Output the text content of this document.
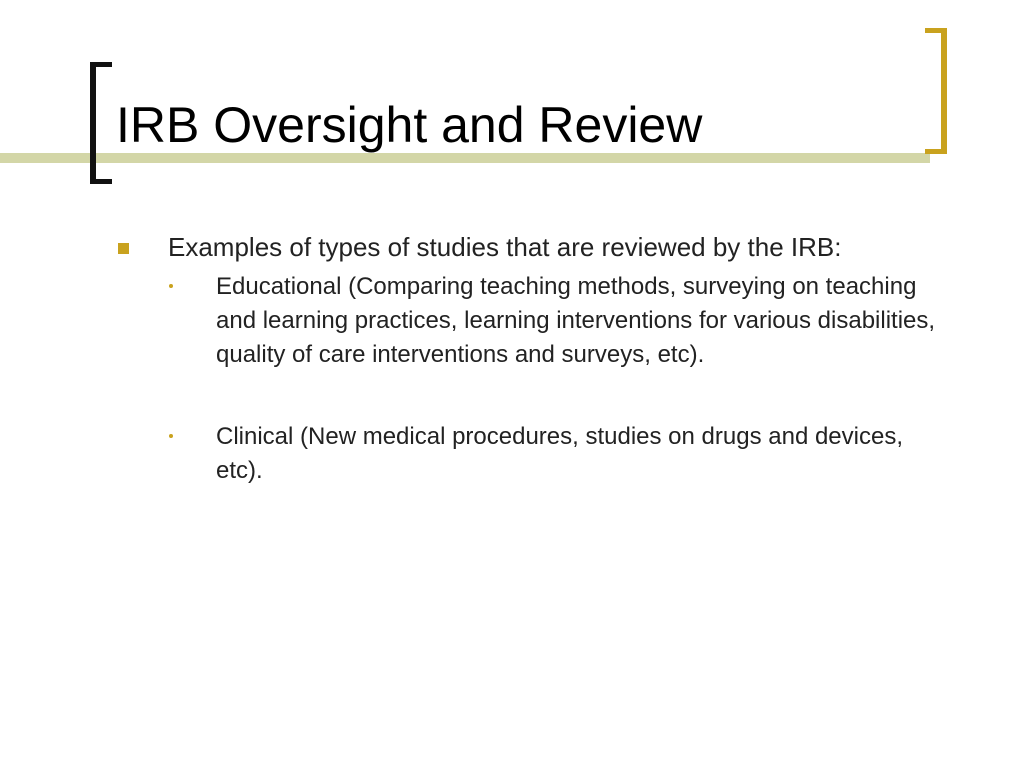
IRB Oversight and Review
Examples of types of studies that are reviewed by the IRB:
Educational (Comparing teaching methods, surveying on teaching and learning practices, learning interventions for various disabilities, quality of care interventions and surveys, etc).
Clinical (New medical procedures, studies on drugs and devices, etc).
